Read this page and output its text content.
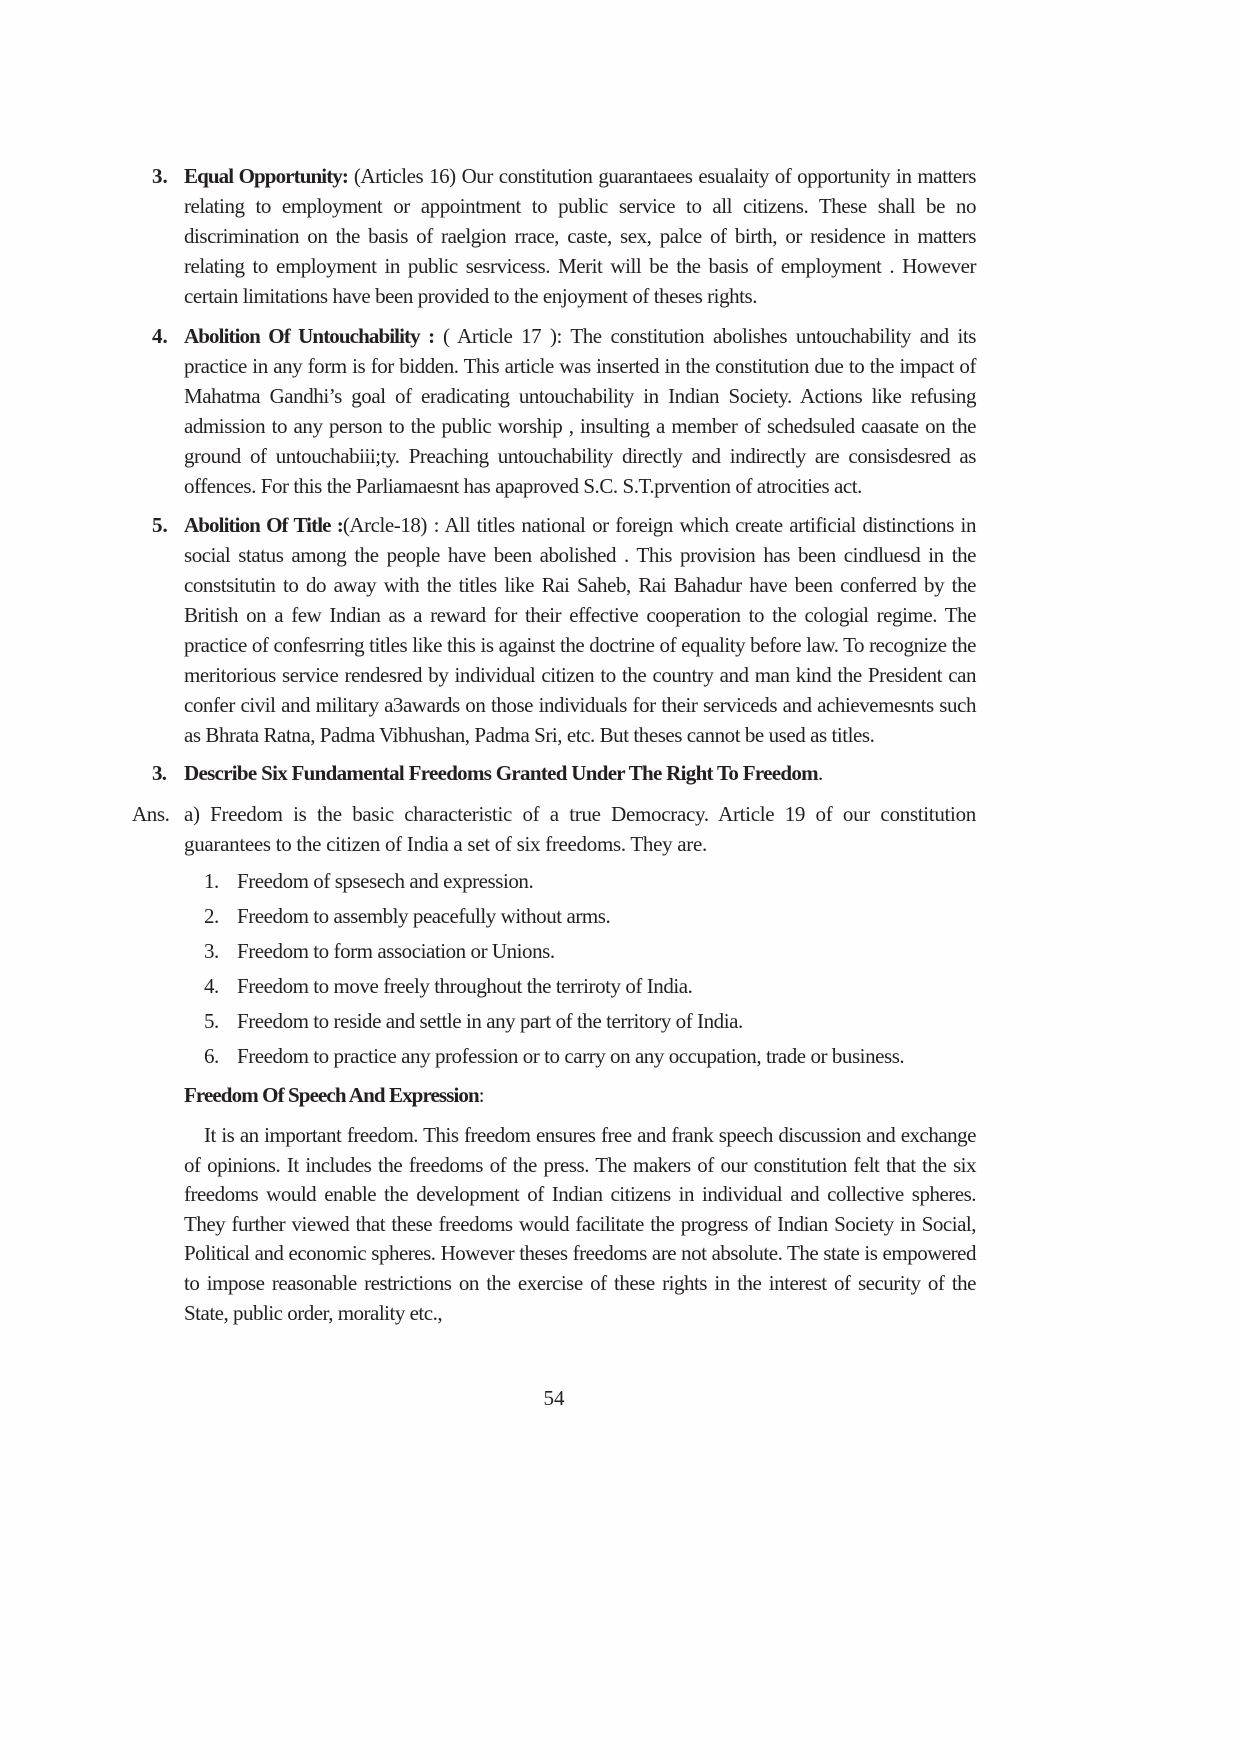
3. Equal Opportunity: (Articles 16) Our constitution guarantaees esualaity of opportunity in matters relating to employment or appointment to public service to all citizens. These shall be no discrimination on the basis of raelgion rrace, caste, sex, palce of birth, or residence in matters relating to employment in public sesrvicess. Merit will be the basis of employment . However certain limitations have been provided to the enjoyment of theses rights.
4. Abolition Of Untouchability : ( Article 17 ): The constitution abolishes untouchability and its practice in any form is for bidden. This article was inserted in the constitution due to the impact of Mahatma Gandhi’s goal of eradicating untouchability in Indian Society. Actions like refusing admission to any person to the public worship , insulting a member of schedsuled caasate on the ground of untouchabiii;ty. Preaching untouchability directly and indirectly are consisdesred as offences. For this the Parliamaesnt has apaproved S.C. S.T.prvention of atrocities act.
5. Abolition Of Title :(Arcle-18) : All titles national or foreign which create artificial distinctions in social status among the people have been abolished . This provision has been cindluesd in the constsitutin to do away with the titles like Rai Saheb, Rai Bahadur have been conferred by the British on a few Indian as a reward for their effective cooperation to the cologial regime. The practice of confesrring titles like this is against the doctrine of equality before law. To recognize the meritorious service rendesred by individual citizen to the country and man kind the President can confer civil and military a3awards on those individuals for their serviceds and achievemesnts such as Bhrata Ratna, Padma Vibhushan, Padma Sri, etc. But theses cannot be used as titles.
3. Describe Six Fundamental Freedoms Granted Under The Right To Freedom.
Ans. a) Freedom is the basic characteristic of a true Democracy. Article 19 of our constitution guarantees to the citizen of India a set of six freedoms. They are.
1. Freedom of spsesech and expression.
2. Freedom to assembly peacefully without arms.
3. Freedom to form association or Unions.
4. Freedom to move freely throughout the terriroty of India.
5. Freedom to reside and settle in any part of the territory of India.
6. Freedom to practice any profession or to carry on any occupation, trade or business.
Freedom Of Speech And Expression:
It is an important freedom. This freedom ensures free and frank speech discussion and exchange of opinions. It includes the freedoms of the press. The makers of our constitution felt that the six freedoms would enable the development of Indian citizens in individual and collective spheres. They further viewed that these freedoms would facilitate the progress of Indian Society in Social, Political and economic spheres. However theses freedoms are not absolute. The state is empowered to impose reasonable restrictions on the exercise of these rights in the interest of security of the State, public order, morality etc.,
54
